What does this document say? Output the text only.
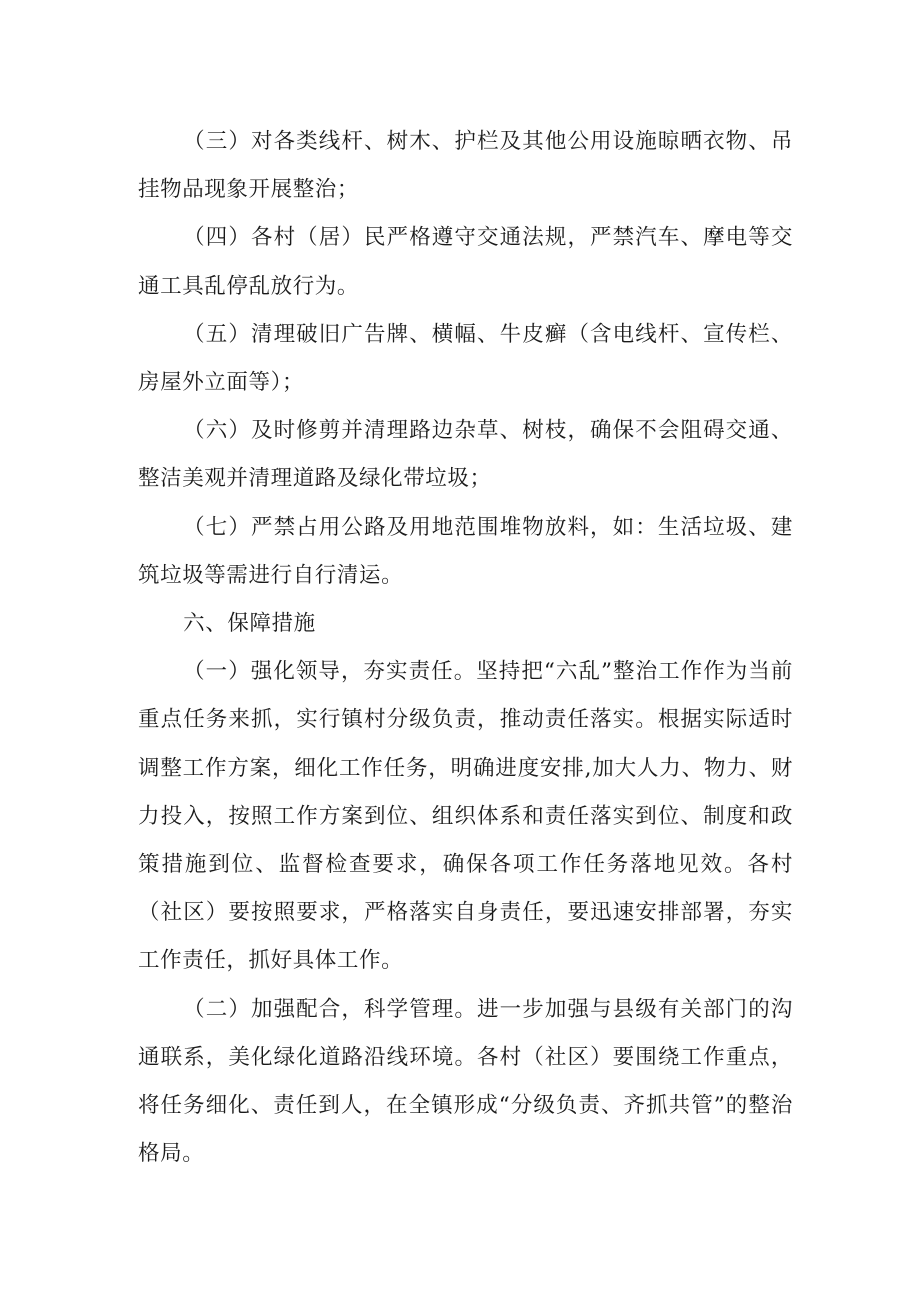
（三）对各类线杆、树木、护栏及其他公用设施晾晒衣物、吊挂物品现象开展整治；

（四）各村（居）民严格遵守交通法规，严禁汽车、摩电等交通工具乱停乱放行为。

（五）清理破旧广告牌、横幅、牛皮癣（含电线杆、宣传栏、房屋外立面等）；

（六）及时修剪并清理路边杂草、树枝，确保不会阻碍交通、整洁美观并清理道路及绿化带垃圾；

（七）严禁占用公路及用地范围堆物放料，如：生活垃圾、建筑垃圾等需进行自行清运。

六、保障措施

（一）强化领导，夯实责任。坚持把“六乱”整治工作作为当前重点任务来抓，实行镇村分级负责，推动责任落实。根据实际适时调整工作方案，细化工作任务，明确进度安排,加大人力、物力、财力投入，按照工作方案到位、组织体系和责任落实到位、制度和政策措施到位、监督检查要求，确保各项工作任务落地见效。各村（社区）要按照要求，严格落实自身责任，要迅速安排部署，夯实工作责任，抓好具体工作。

（二）加强配合，科学管理。进一步加强与县级有关部门的沟通联系，美化绿化道路沿线环境。各村（社区）要围绕工作重点，将任务细化、责任到人，在全镇形成“分级负责、齐抓共管”的整治格局。
